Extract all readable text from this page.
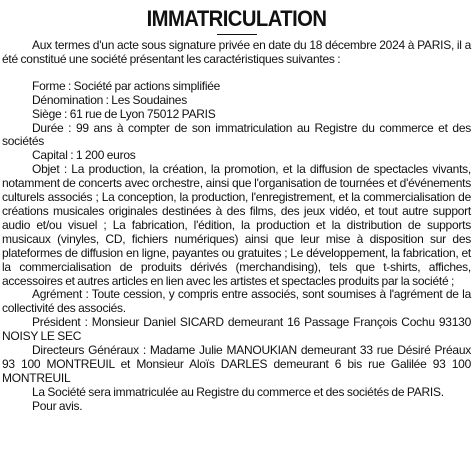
IMMATRICULATION

Aux termes d'un acte sous signature privée en date du 18 décembre 2024 à PARIS, il a été constitué une société présentant les caractéristiques suivantes :

Forme : Société par actions simplifiée

Dénomination : Les Soudaines

Siège : 61 rue de Lyon 75012 PARIS

Durée : 99 ans à compter de son immatriculation au Registre du commerce et des sociétés

Capital : 1 200 euros

Objet : La production, la création, la promotion, et la diffusion de spectacles vivants, notamment de concerts avec orchestre, ainsi que l'organisation de tournées et d'événements culturels associés ; La conception, la production, l'enregistrement, et la commercialisation de créations musicales originales destinées à des films, des jeux vidéo, et tout autre support audio et/ou visuel ; La fabrication, l'édition, la production et la distribution de supports musicaux (vinyles, CD, fichiers numériques) ainsi que leur mise à disposition sur des plateformes de diffusion en ligne, payantes ou gratuites ; Le développement, la fabrication, et la commercialisation de produits dérivés (merchandising), tels que t-shirts, affiches, accessoires et autres articles en lien avec les artistes et spectacles produits par la société ;

Agrément : Toute cession, y compris entre associés, sont soumises à l'agrément de la collectivité des associés.

Président : Monsieur Daniel SICARD demeurant 16 Passage François Cochu 93130 NOISY LE SEC

Directeurs Généraux : Madame Julie MANOUKIAN demeurant 33 rue Désiré Préaux 93 100 MONTREUIL et Monsieur Aloïs DARLES demeurant 6 bis rue Galilée 93 100 MONTREUIL

La Société sera immatriculée au Registre du commerce et des sociétés de PARIS.

Pour avis.
